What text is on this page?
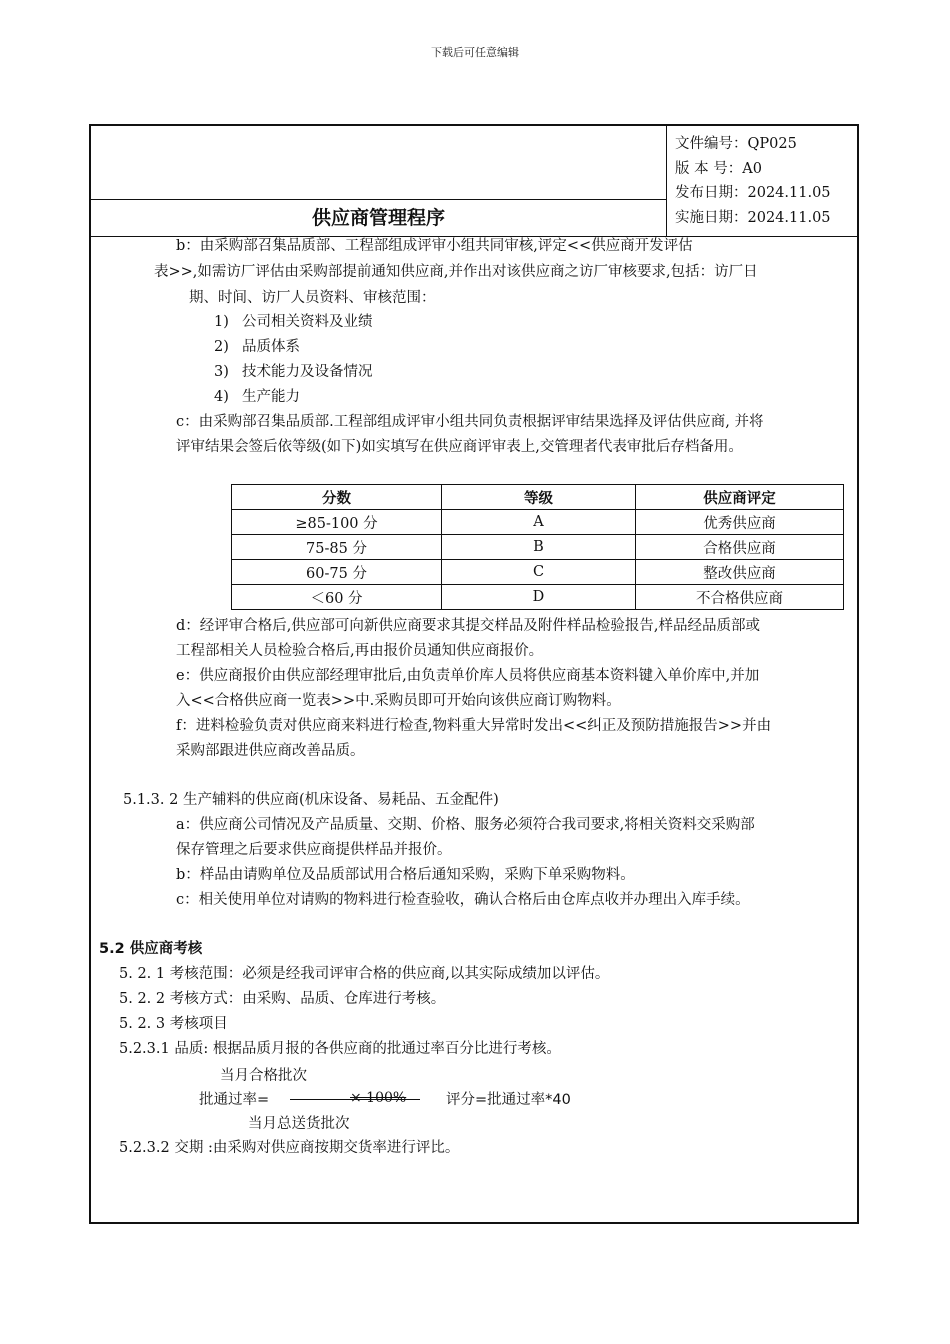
下载后可任意编辑
供应商管理程序
文件编号：QP025
版 本 号：A0
发布日期：2024.11.05
实施日期：2024.11.05
b：由采购部召集品质部、工程部组成评审小组共同审核,评定<<供应商开发评估
表>>,如需访厂评估由采购部提前通知供应商,并作出对该供应商之访厂审核要求,包括：访厂日
期、时间、访厂人员资料、审核范围：
1) 公司相关资料及业绩
2) 品质体系
3) 技术能力及设备情况
4) 生产能力
c：由采购部召集品质部.工程部组成评审小组共同负责根据评审结果选择及评估供应商, 并将
评审结果会签后依等级(如下)如实填写在供应商评审表上,交管理者代表审批后存档备用。
分数	等级	供应商评定
≥85-100 分	A	优秀供应商
75-85 分	B	合格供应商
60-75 分	C	整改供应商
＜60 分	D	不合格供应商
d：经评审合格后,供应部可向新供应商要求其提交样品及附件样品检验报告,样品经品质部或
工程部相关人员检验合格后,再由报价员通知供应商报价。
e：供应商报价由供应部经理审批后,由负责单价库人员将供应商基本资料键入单价库中,并加
入<<合格供应商一览表>>中.采购员即可开始向该供应商订购物料。
f：进料检验负责对供应商来料进行检查,物料重大异常时发出<<纠正及预防措施报告>>并由
采购部跟进供应商改善品质。
5.1.3. 2 生产辅料的供应商(机床设备、易耗品、五金配件)
a：供应商公司情况及产品质量、交期、价格、服务必须符合我司要求,将相关资料交采购部
保存管理之后要求供应商提供样品并报价。
b：样品由请购单位及品质部试用合格后通知采购，采购下单采购物料。
c：相关使用单位对请购的物料进行检查验收，确认合格后由仓库点收并办理出入库手续。
5.2 供应商考核
5. 2. 1 考核范围：必须是经我司评审合格的供应商,以其实际成绩加以评估。
5. 2. 2 考核方式：由采购、品质、仓库进行考核。
5. 2. 3 考核项目
5.2.3.1 品质: 根据品质月报的各供应商的批通过率百分比进行考核。
当月合格批次
批通过率=	× 100%	评分=批通过率*40
当月总送货批次
5.2.3.2 交期 :由采购对供应商按期交货率进行评比。
